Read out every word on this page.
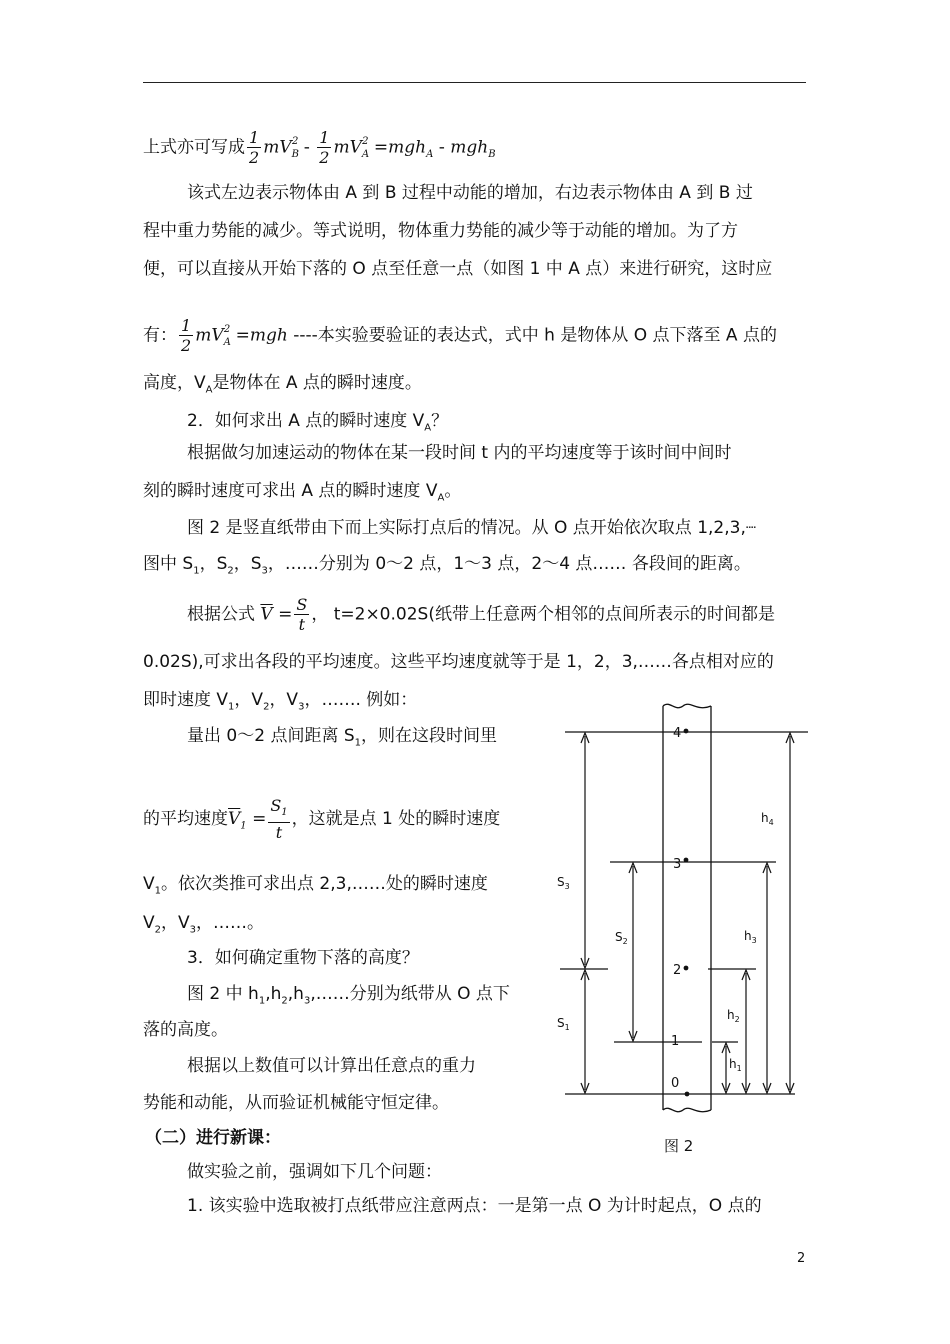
上式亦可写成 $\frac{1}{2} mV_B^2 - \frac{1}{2} mV_A^2 =mgh_A - mgh_B$
该式左边表示物体由 A 到 B 过程中动能的增加，右边表示物体由 A 到 B 过
程中重力势能的减少。等式说明，物体重力势能的减少等于动能的增加。为了方
便，可以直接从开始下落的 O 点至任意一点（如图 1 中 A 点）来进行研究，这时应
有： $\frac{1}{2} mV_A^2 =mgh$ ----本实验要验证的表达式，式中 h 是物体从 O 点下落至 A 点的
高度，$V_A$是物体在 A 点的瞬时速度。
2．如何求出 A 点的瞬时速度 $V_A$？
根据做匀加速运动的物体在某一段时间 t 内的平均速度等于该时间中间时
刻的瞬时速度可求出 A 点的瞬时速度 $V_A$。
图 2 是竖直纸带由下而上实际打点后的情况。从 O 点开始依次取点 1,2,3,┈
图中 $S_1$，$S_2$，$S_3$，……分别为 0～2 点，1～3 点，2～4 点…… 各段间的距离。
根据公式 $\overline{V} = \frac{S}{t}$ ， t=2×0.02S(纸带上任意两个相邻的点间所表示的时间都是
0.02S),可求出各段的平均速度。这些平均速度就等于是 1，2，3,……各点相对应的
即时速度 $V_1$，$V_2$，$V_3$，……. 例如：
量出 0～2 点间距离 $S_1$，则在这段时间里
的平均速度$\overline{V}_1 = \frac{S_1}{t}$ ，这就是点 1 处的瞬时速度
$V_1$。依次类推可求出点 2,3,……处的瞬时速度
$V_2$，$V_3$，……。
3．如何确定重物下落的高度？
图 2 中 $h_1,h_2,h_3,\dots\dots$分别为纸带从 O 点下
落的高度。
根据以上数值可以计算出任意点的重力
势能和动能，从而验证机械能守恒定律。
（二）进行新课：
做实验之前，强调如下几个问题：
1. 该实验中选取被打点纸带应注意两点：一是第一点 O 为计时起点，O 点的
2
4
3
2
1
0
$S_3$
$S_1$
$S_2$
$h_4$
$h_3$
$h_2$
$h_1$
图 2
